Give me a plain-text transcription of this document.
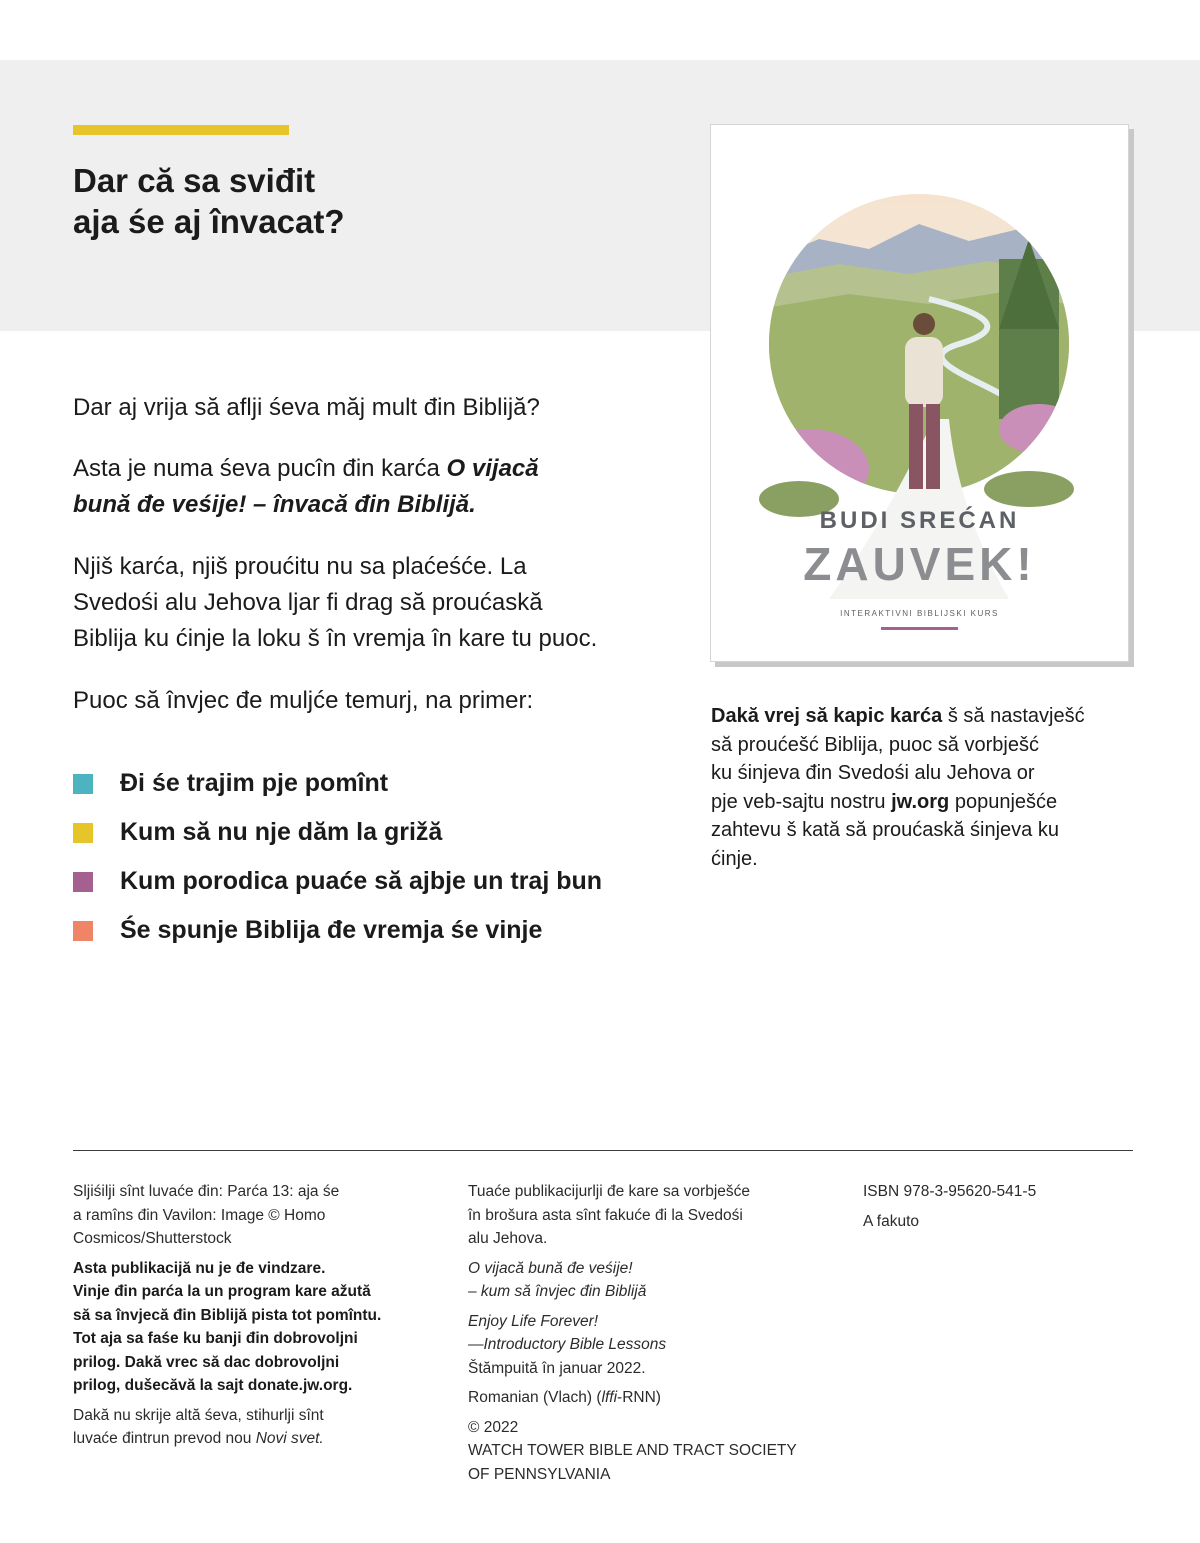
Dar că sa sviđit
aja śe aj învacat?
BUDI SREĆAN
ZAUVEK!
INTERAKTIVNI BIBLIJSKI KURS

Dar aj vrija să aflji śeva măj mult đin Biblijă?

Asta je numa śeva pucîn đin karća O vijacă
bună đe veśije! – învacă đin Biblijă.

Njiš karća, njiš proućitu nu sa plaćeśće. La
Svedośi alu Jehova ljar fi drag să proućaskă
Biblija ku ćinje la loku š în vremja în kare tu puoc.

Puoc să învjec đe muljće temurj, na primer:

Đi śe trajim pje pomînt
Kum să nu nje dăm la grižă
Kum porodica puaće să ajbje un traj bun
Śe spunje Biblija đe vremja śe vinje

Dakă vrej să kapic karća š să nastavješć
să proućešć Biblija, puoc să vorbješć
ku śinjeva đin Svedośi alu Jehova or
pje veb-sajtu nostru jw.org popunješće
zahtevu š kată să proućaskă śinjeva ku
ćinje.

Sljiśilji sînt luvaće đin: Parća 13: aja śe
a ramîns đin Vavilon: Image © Homo
Cosmicos/Shutterstock

Asta publikacijă nu je đe vindzare.
Vinje đin parća la un program kare ažută
să sa învjecă đin Biblijă pista tot pomîntu.
Tot aja sa faśe ku banji đin dobrovoljni
prilog. Dakă vrec să dac dobrovoljni
prilog, dušecăvă la sajt donate.jw.org.

Dakă nu skrije altă śeva, stihurlji sînt
luvaće đintrun prevod nou Novi svet.

Tuaće publikacijurlji đe kare sa vorbješće
în brošura asta sînt fakuće đi la Svedośi
alu Jehova.

O vijacă bună đe veśije!
– kum să învjec đin Biblijă

Enjoy Life Forever!
—Introductory Bible Lessons
Štămpuită în januar 2022.

Romanian (Vlach) (lffi-RNN)

© 2022
WATCH TOWER BIBLE AND TRACT SOCIETY
OF PENNSYLVANIA

ISBN 978-3-95620-541-5

A fakuto
